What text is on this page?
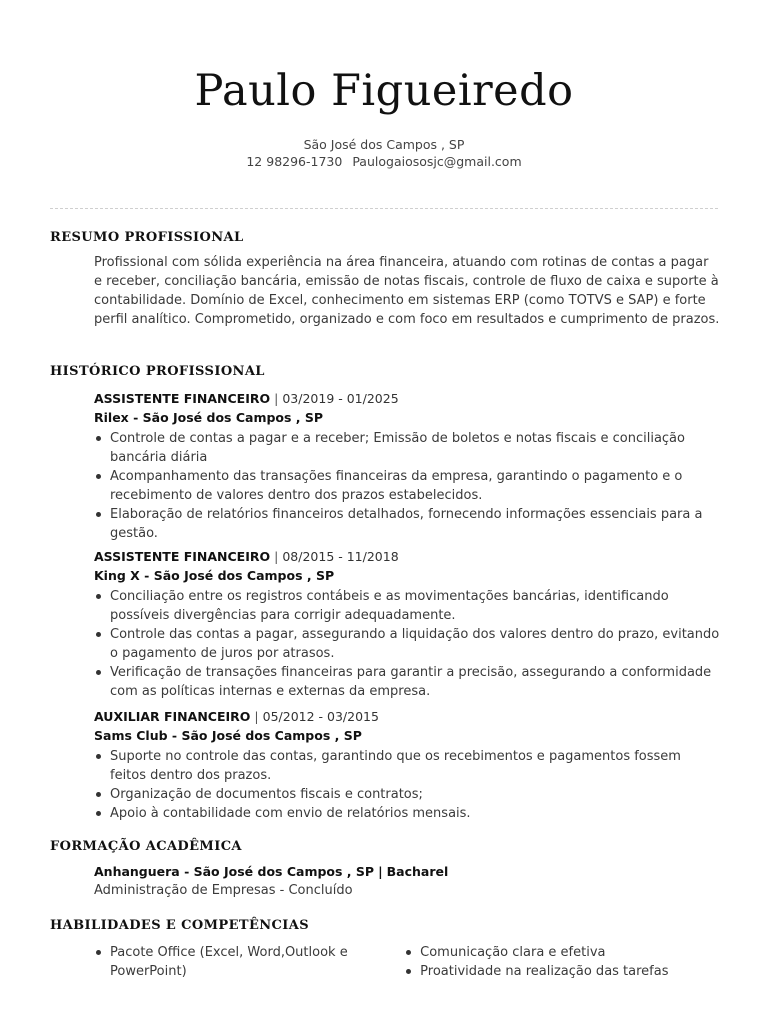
Paulo Figueiredo
São José dos Campos , SP
12 98296-1730 Paulogaiososjc@gmail.com
RESUMO PROFISSIONAL
Profissional com sólida experiência na área financeira, atuando com rotinas de contas a pagar e receber, conciliação bancária, emissão de notas fiscais, controle de fluxo de caixa e suporte à contabilidade. Domínio de Excel, conhecimento em sistemas ERP (como TOTVS e SAP) e forte perfil analítico. Comprometido, organizado e com foco em resultados e cumprimento de prazos.
HISTÓRICO PROFISSIONAL
ASSISTENTE FINANCEIRO | 03/2019 - 01/2025
Rilex - São José dos Campos , SP
Controle de contas a pagar e a receber; Emissão de boletos e notas fiscais e conciliação bancária diária
Acompanhamento das transações financeiras da empresa, garantindo o pagamento e o recebimento de valores dentro dos prazos estabelecidos.
Elaboração de relatórios financeiros detalhados, fornecendo informações essenciais para a gestão.
ASSISTENTE FINANCEIRO | 08/2015 - 11/2018
King X - São José dos Campos , SP
Conciliação entre os registros contábeis e as movimentações bancárias, identificando possíveis divergências para corrigir adequadamente.
Controle das contas a pagar, assegurando a liquidação dos valores dentro do prazo, evitando o pagamento de juros por atrasos.
Verificação de transações financeiras para garantir a precisão, assegurando a conformidade com as políticas internas e externas da empresa.
AUXILIAR FINANCEIRO | 05/2012 - 03/2015
Sams Club - São José dos Campos , SP
Suporte no controle das contas, garantindo que os recebimentos e pagamentos fossem feitos dentro dos prazos.
Organização de documentos fiscais e contratos;
Apoio à contabilidade com envio de relatórios mensais.
FORMAÇÃO ACADÊMICA
Anhanguera - São José dos Campos , SP | Bacharel
Administração de Empresas - Concluído
HABILIDADES E COMPETÊNCIAS
Pacote Office (Excel, Word,Outlook e PowerPoint)
Comunicação clara e efetiva
Proatividade na realização das tarefas
